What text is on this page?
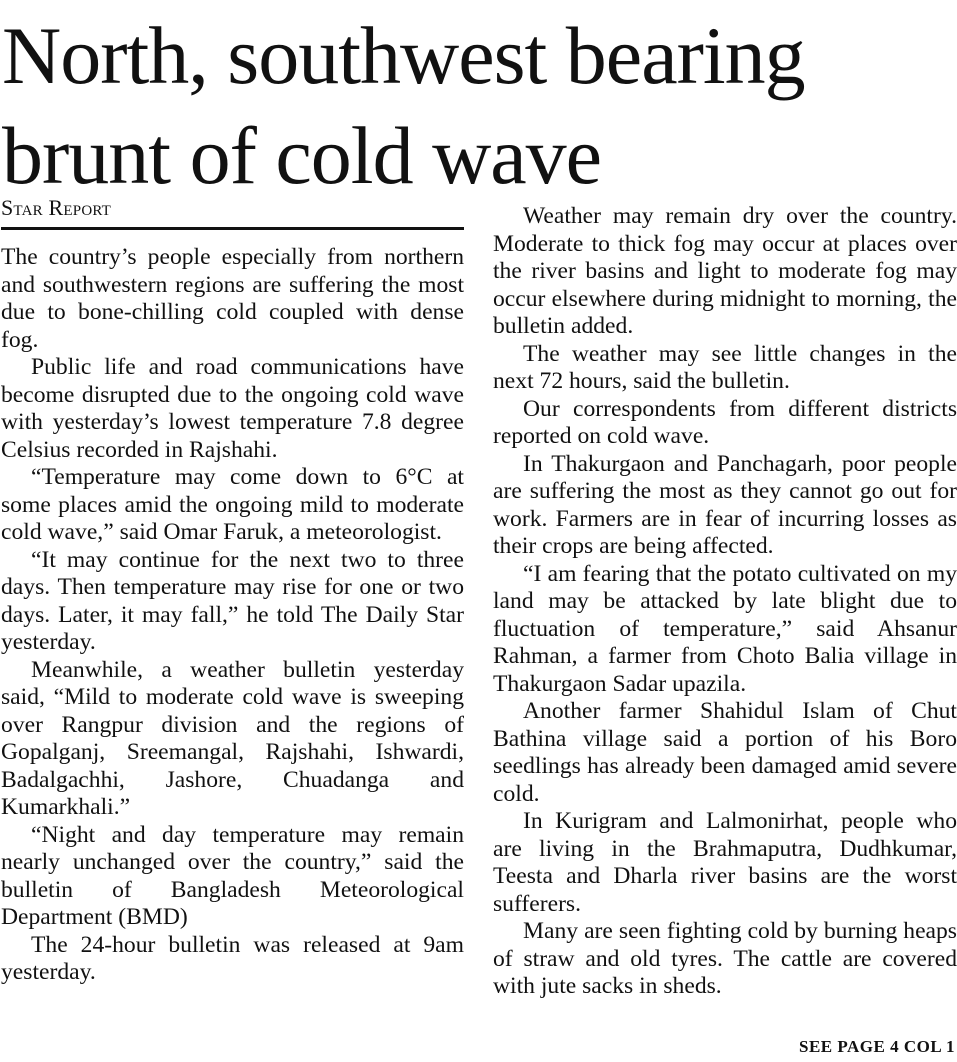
North, southwest bearing brunt of cold wave
Star Report

The country’s people especially from northern and southwestern regions are suffering the most due to bone-chilling cold coupled with dense fog.

Public life and road communications have become disrupted due to the ongoing cold wave with yesterday’s lowest temperature 7.8 degree Celsius recorded in Rajshahi.

“Temperature may come down to 6°C at some places amid the ongoing mild to moderate cold wave,” said Omar Faruk, a meteorologist.

“It may continue for the next two to three days. Then temperature may rise for one or two days. Later, it may fall,” he told The Daily Star yesterday.

Meanwhile, a weather bulletin yesterday said, “Mild to moderate cold wave is sweeping over Rangpur division and the regions of Gopalganj, Sreemangal, Rajshahi, Ishwardi, Badalgachhi, Jashore, Chuadanga and Kumarkhali.”

“Night and day temperature may remain nearly unchanged over the country,” said the bulletin of Bangladesh Meteorological Department (BMD)

The 24-hour bulletin was released at 9am yesterday.

Weather may remain dry over the country. Moderate to thick fog may occur at places over the river basins and light to moderate fog may occur elsewhere during midnight to morning, the bulletin added.

The weather may see little changes in the next 72 hours, said the bulletin.

Our correspondents from different districts reported on cold wave.

In Thakurgaon and Panchagarh, poor people are suffering the most as they cannot go out for work. Farmers are in fear of incurring losses as their crops are being affected.

“I am fearing that the potato cultivated on my land may be attacked by late blight due to fluctuation of temperature,” said Ahsanur Rahman, a farmer from Choto Balia village in Thakurgaon Sadar upazila.

Another farmer Shahidul Islam of Chut Bathina village said a portion of his Boro seedlings has already been damaged amid severe cold.

In Kurigram and Lalmonirhat, people who are living in the Brahmaputra, Dudhkumar, Teesta and Dharla river basins are the worst sufferers.

Many are seen fighting cold by burning heaps of straw and old tyres. The cattle are covered with jute sacks in sheds.

SEE PAGE 4 COL 1
